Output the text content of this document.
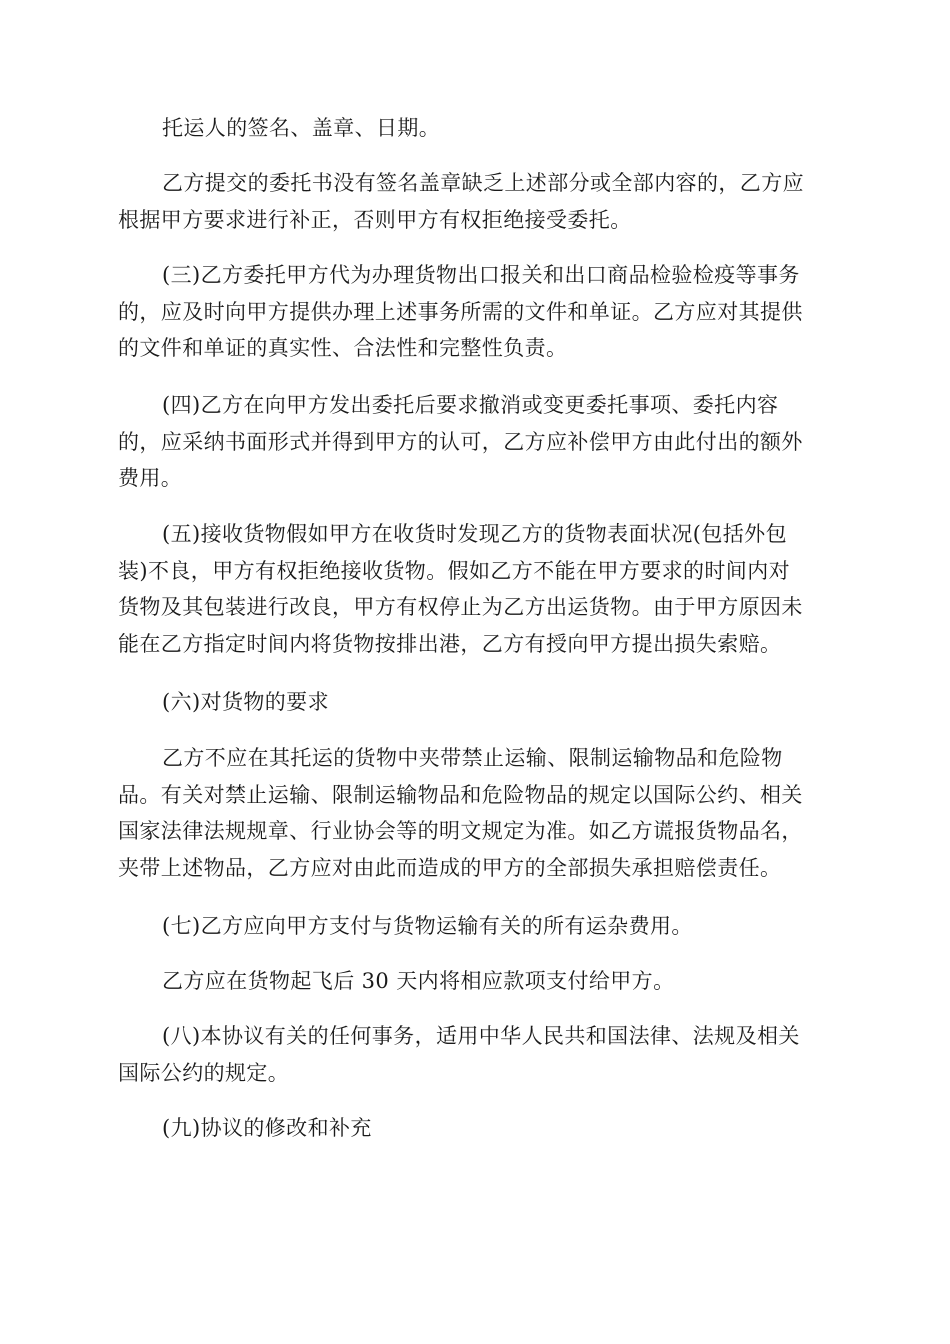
托运人的签名、盖章、日期。
乙方提交的委托书没有签名盖章缺乏上述部分或全部内容的，乙方应
根据甲方要求进行补正，否则甲方有权拒绝接受委托。
(三)乙方委托甲方代为办理货物出口报关和出口商品检验检疫等事务
的，应及时向甲方提供办理上述事务所需的文件和单证。乙方应对其提供
的文件和单证的真实性、合法性和完整性负责。
(四)乙方在向甲方发出委托后要求撤消或变更委托事项、委托内容
的，应采纳书面形式并得到甲方的认可，乙方应补偿甲方由此付出的额外
费用。
(五)接收货物假如甲方在收货时发现乙方的货物表面状况(包括外包
装)不良，甲方有权拒绝接收货物。假如乙方不能在甲方要求的时间内对
货物及其包装进行改良，甲方有权停止为乙方出运货物。由于甲方原因未
能在乙方指定时间内将货物按排出港，乙方有授向甲方提出损失索赔。
(六)对货物的要求
乙方不应在其托运的货物中夹带禁止运输、限制运输物品和危险物
品。有关对禁止运输、限制运输物品和危险物品的规定以国际公约、相关
国家法律法规规章、行业协会等的明文规定为准。如乙方谎报货物品名，
夹带上述物品，乙方应对由此而造成的甲方的全部损失承担赔偿责任。
(七)乙方应向甲方支付与货物运输有关的所有运杂费用。
乙方应在货物起飞后 30 天内将相应款项支付给甲方。
(八)本协议有关的任何事务，适用中华人民共和国法律、法规及相关
国际公约的规定。
(九)协议的修改和补充
